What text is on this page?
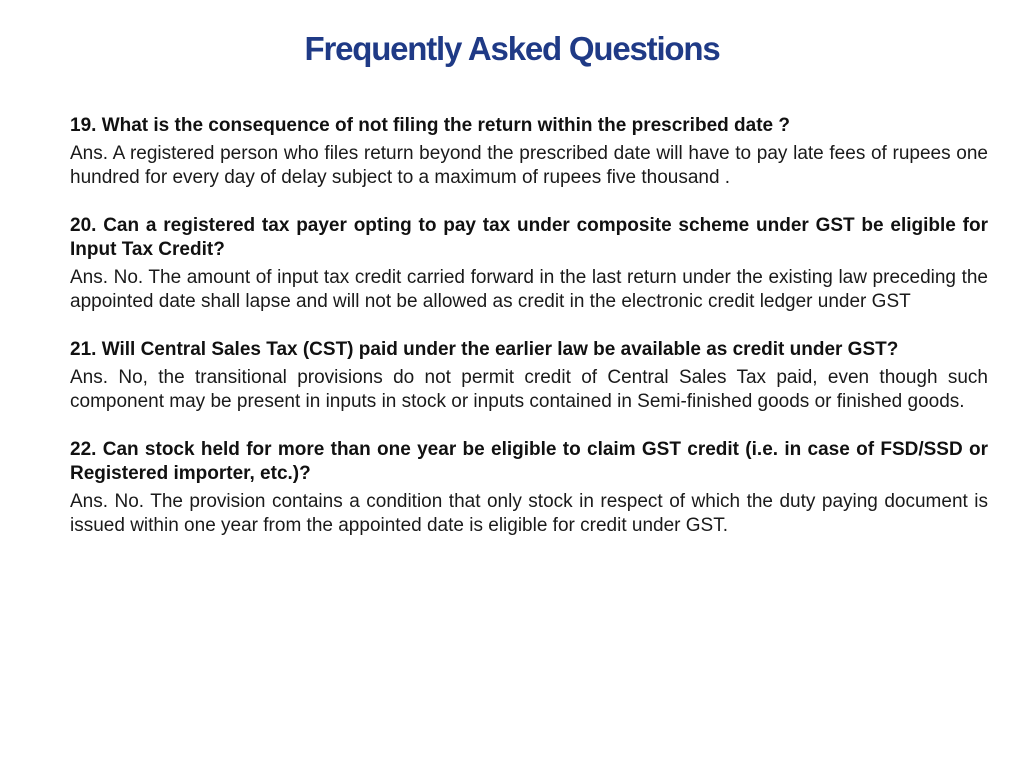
Frequently Asked Questions

19. What is the consequence of not filing the return within the prescribed date ?

Ans. A registered person who files return beyond the prescribed date will have to pay late fees of rupees one hundred for every day of delay subject to a maximum of rupees five thousand .

20. Can a registered tax payer opting to pay tax under composite scheme under GST be eligible for Input Tax Credit?

Ans. No. The amount of input tax credit carried forward in the last return under the existing law preceding the appointed date shall lapse and will not be allowed as credit in the electronic credit ledger under GST

21. Will Central Sales Tax (CST) paid under the earlier law be available as credit under GST?

Ans. No, the transitional provisions do not permit credit of Central Sales Tax paid, even though such component may be present in inputs in stock or inputs contained in Semi-finished goods or finished goods.

22. Can stock held for more than one year be eligible to claim GST credit (i.e. in case of FSD/SSD or Registered importer, etc.)?

Ans. No. The provision contains a condition that only stock in respect of which the duty paying document is issued within one year from the appointed date is eligible for credit under GST.
